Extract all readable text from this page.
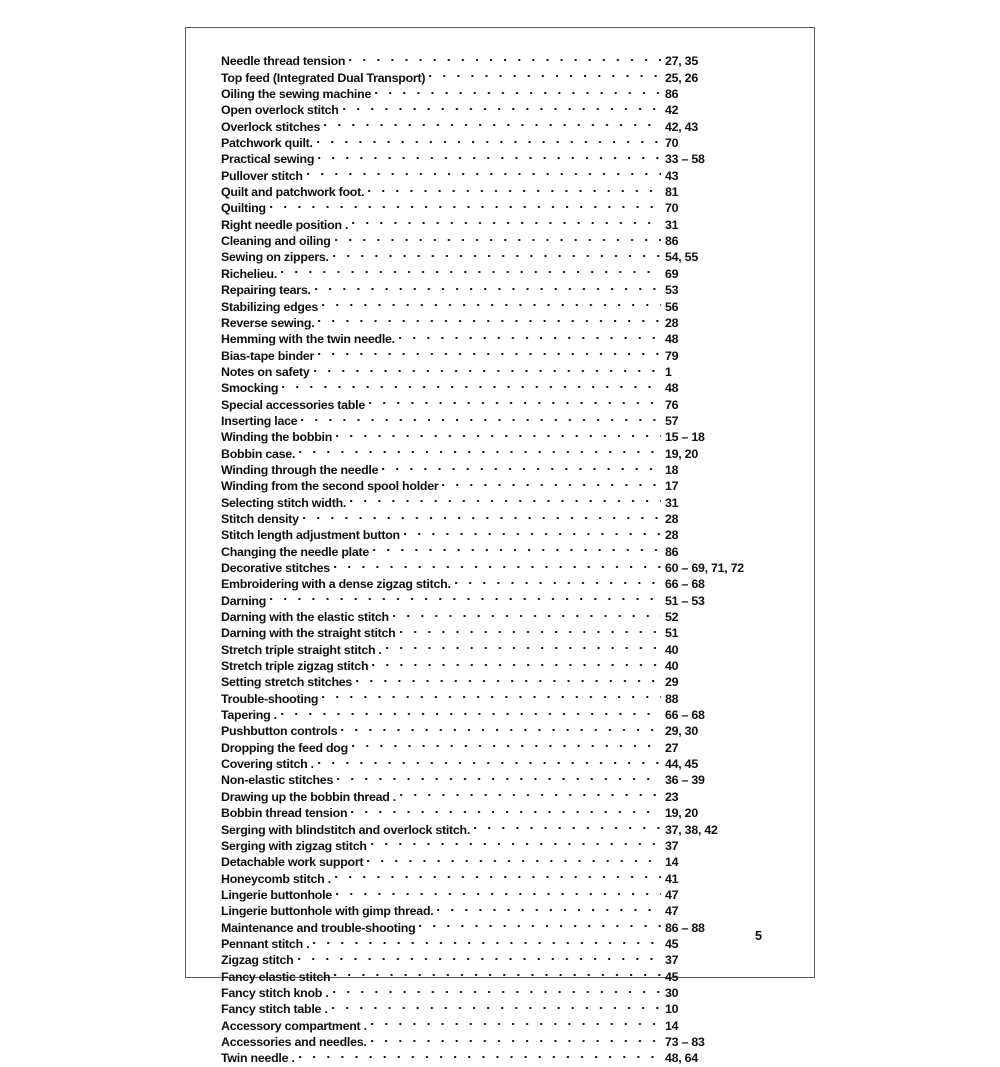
Needle thread tension	27, 35
Top feed (Integrated Dual Transport)	25, 26
Oiling the sewing machine	86
Open overlock stitch	42
Overlock stitches	42, 43
Patchwork quilt.	70
Practical sewing	33 – 58
Pullover stitch	43
Quilt and patchwork foot.	81
Quilting	70
Right needle position .	31
Cleaning and oiling	86
Sewing on zippers.	54, 55
Richelieu.	69
Repairing tears.	53
Stabilizing edges	56
Reverse sewing.	28
Hemming with the twin needle.	48
Bias-tape binder	79
Notes on safety	1
Smocking	48
Special accessories table	76
Inserting lace	57
Winding the bobbin	15 – 18
Bobbin case.	19, 20
Winding through the needle	18
Winding from the second spool holder	17
Selecting stitch width.	31
Stitch density	28
Stitch length adjustment button	28
Changing the needle plate	86
Decorative stitches	60 – 69, 71, 72
Embroidering with a dense zigzag stitch.	66 – 68
Darning	51 – 53
Darning with the elastic stitch	52
Darning with the straight stitch	51
Stretch triple straight stitch .	40
Stretch triple zigzag stitch	40
Setting stretch stitches	29
Trouble-shooting	88
Tapering .	66 – 68
Pushbutton controls	29, 30
Dropping the feed dog	27
Covering stitch .	44, 45
Non-elastic stitches	36 – 39
Drawing up the bobbin thread .	23
Bobbin thread tension	19, 20
Serging with blindstitch and overlock stitch.	37, 38, 42
Serging with zigzag stitch	37
Detachable work support	14
Honeycomb stitch .	41
Lingerie buttonhole	47
Lingerie buttonhole with gimp thread.	47
Maintenance and trouble-shooting	86 – 88
Pennant stitch .	45
Zigzag stitch	37
Fancy elastic stitch	45
Fancy stitch knob .	30
Fancy stitch table .	10
Accessory compartment .	14
Accessories and needles.	73 – 83
Twin needle .	48, 64
5
